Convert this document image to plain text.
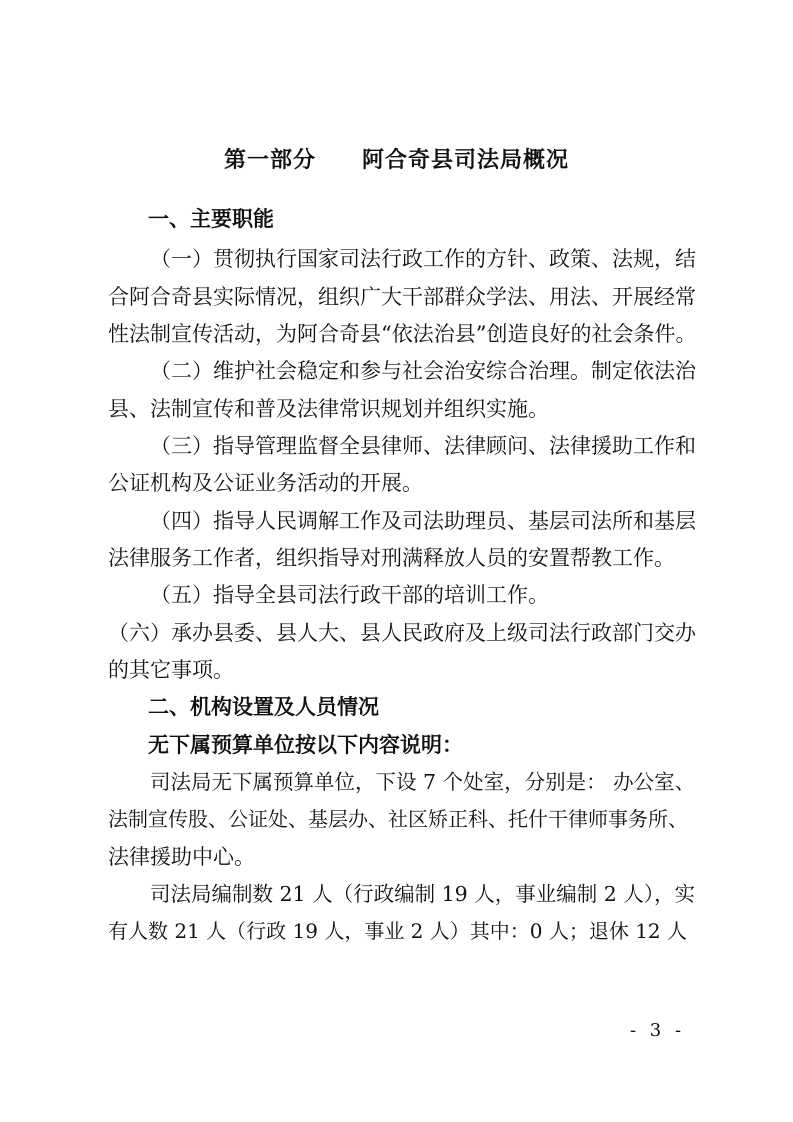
第一部分　　阿合奇县司法局概况
一、主要职能
（一）贯彻执行国家司法行政工作的方针、政策、法规，结
合阿合奇县实际情况，组织广大干部群众学法、用法、开展经常
性法制宣传活动，为阿合奇县“依法治县”创造良好的社会条件。
（二）维护社会稳定和参与社会治安综合治理。制定依法治
县、法制宣传和普及法律常识规划并组织实施。
（三）指导管理监督全县律师、法律顾问、法律援助工作和
公证机构及公证业务活动的开展。
（四）指导人民调解工作及司法助理员、基层司法所和基层
法律服务工作者，组织指导对刑满释放人员的安置帮教工作。
（五）指导全县司法行政干部的培训工作。
（六）承办县委、县人大、县人民政府及上级司法行政部门交办
的其它事项。
二、机构设置及人员情况
无下属预算单位按以下内容说明：
司法局无下属预算单位，下设 7 个处室，分别是： 办公室、
法制宣传股、公证处、基层办、社区矫正科、托什干律师事务所、
法律援助中心。
司法局编制数 21 人（行政编制 19 人，事业编制 2 人），实
有人数 21 人（行政 19 人，事业 2 人）其中：0 人；退休 12 人
- 3 -
